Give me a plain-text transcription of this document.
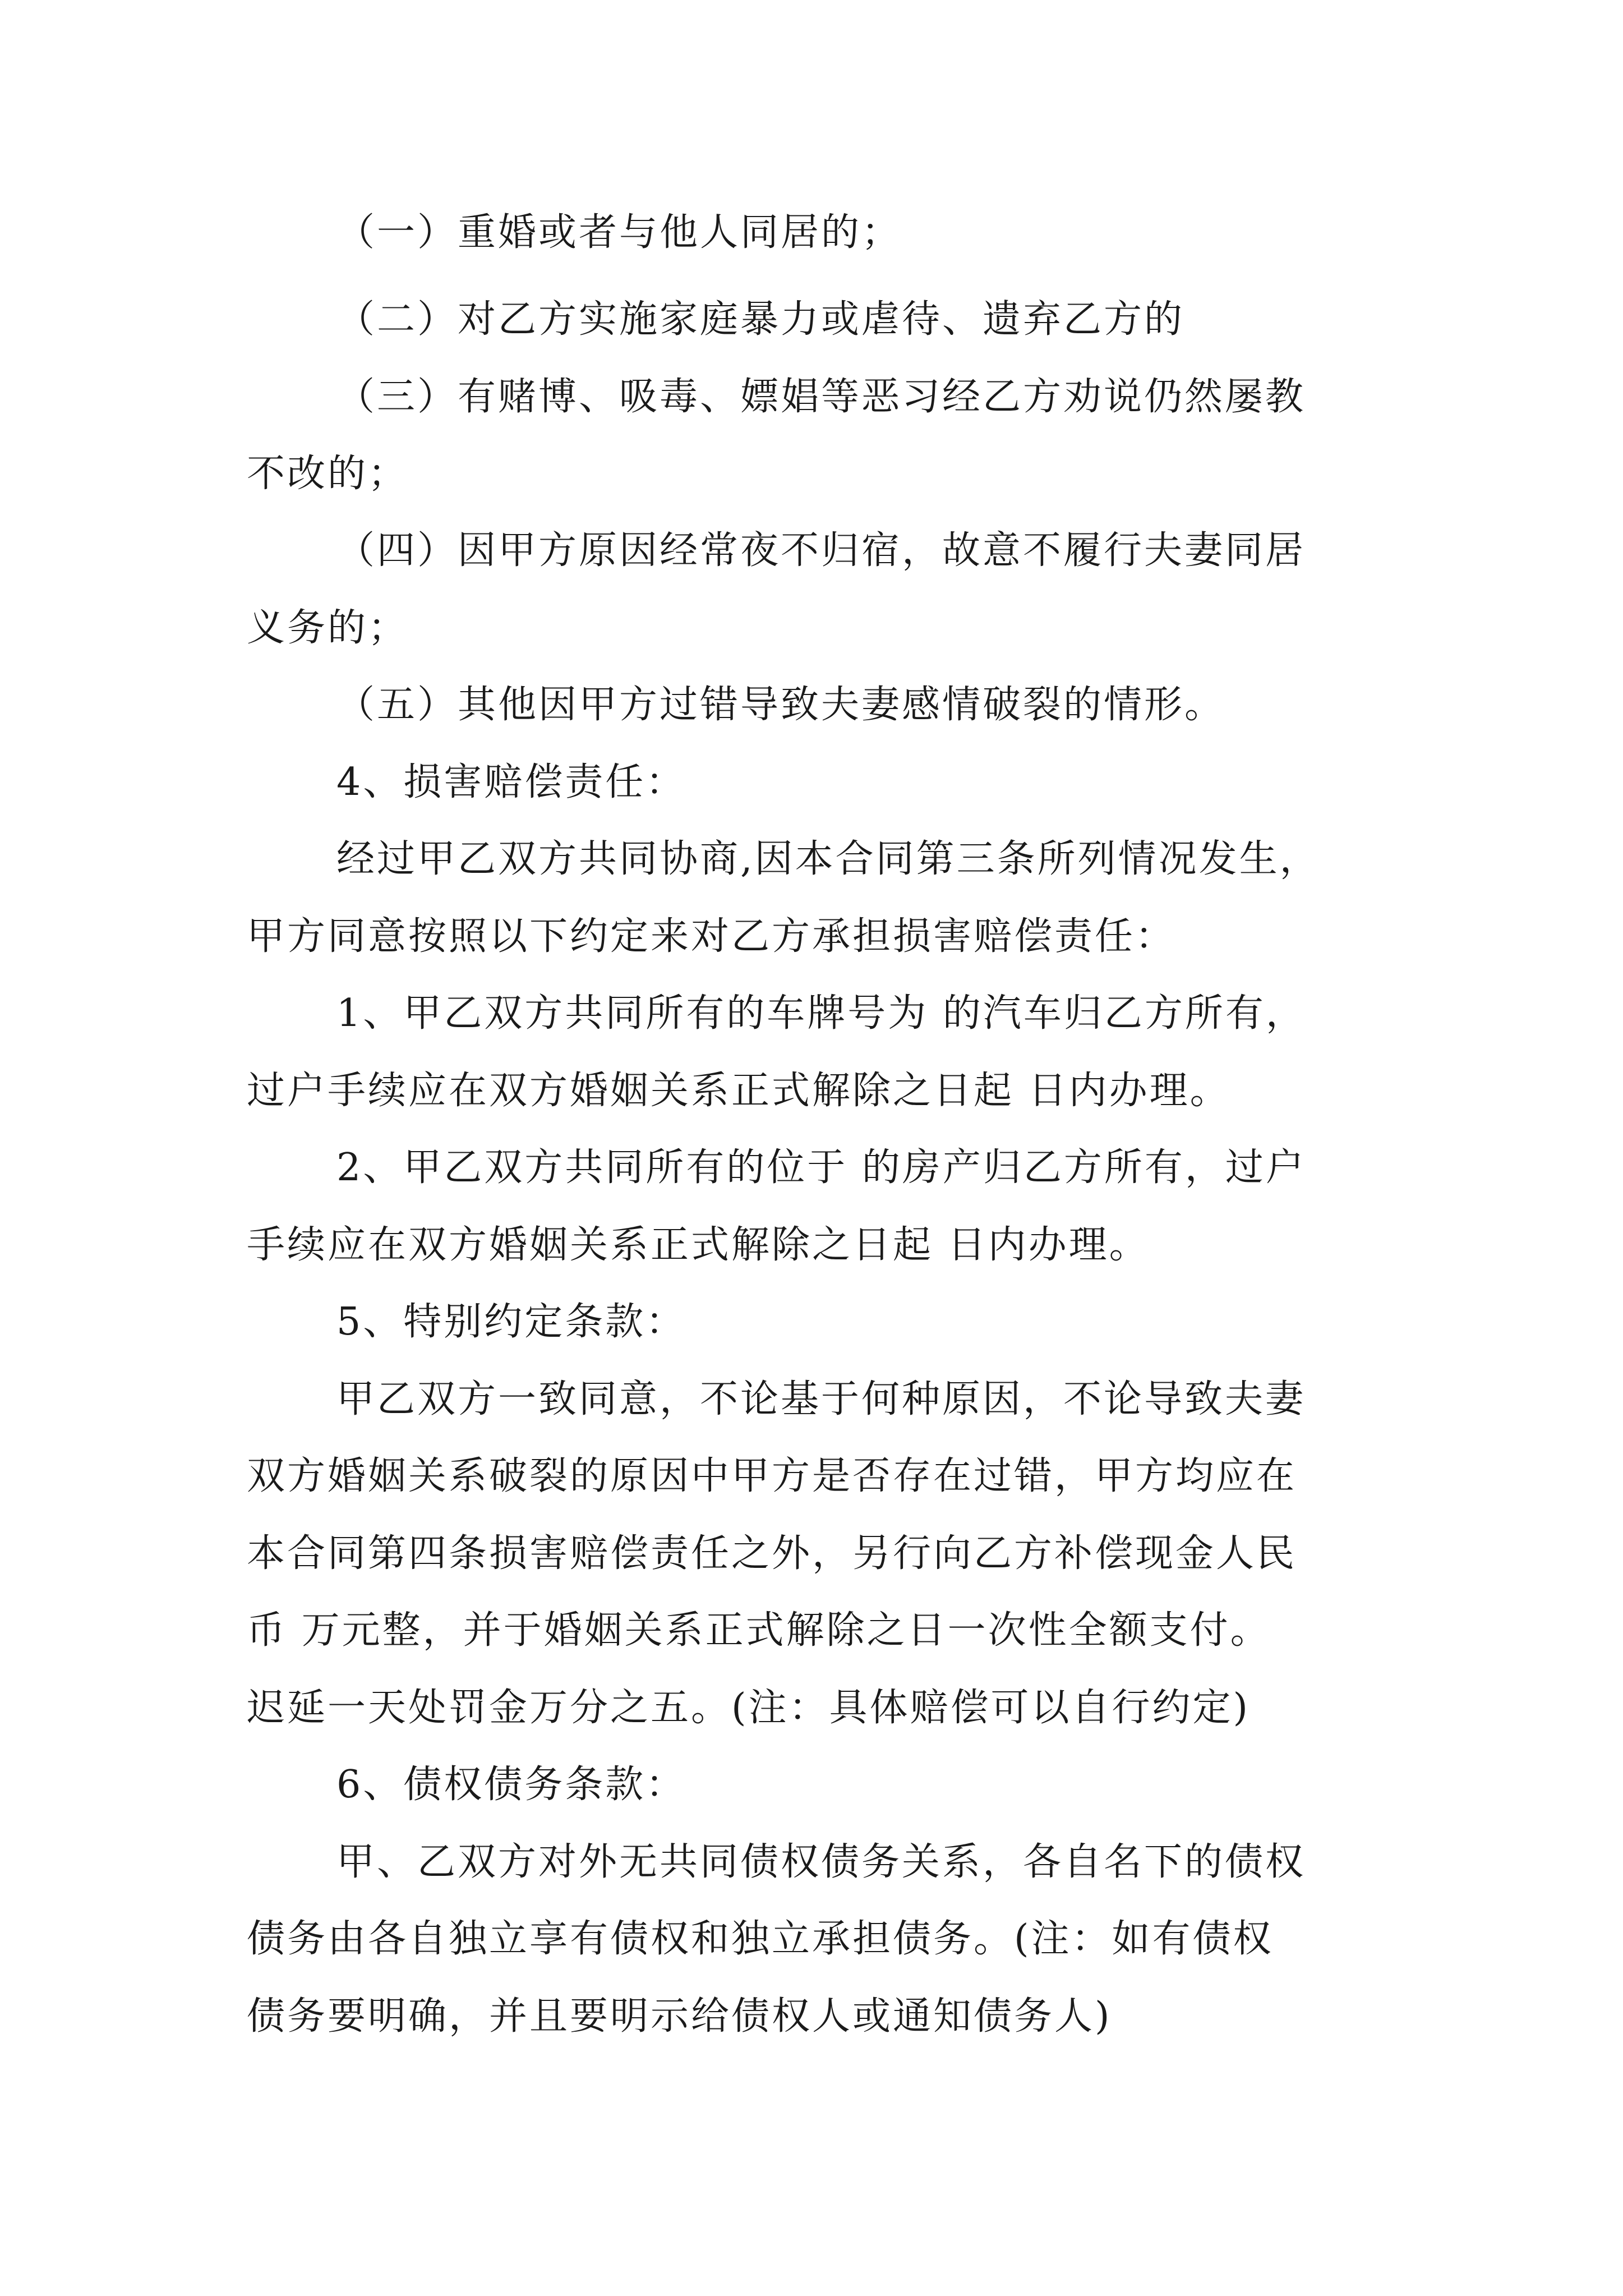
（一）重婚或者与他人同居的；

（二）对乙方实施家庭暴力或虐待、遗弃乙方的

（三）有赌博、吸毒、嫖娼等恶习经乙方劝说仍然屡教

不改的；

（四）因甲方原因经常夜不归宿，故意不履行夫妻同居

义务的；

（五）其他因甲方过错导致夫妻感情破裂的情形。

4、损害赔偿责任：

经过甲乙双方共同协商,因本合同第三条所列情况发生，

甲方同意按照以下约定来对乙方承担损害赔偿责任：

1、甲乙双方共同所有的车牌号为 的汽车归乙方所有，

过户手续应在双方婚姻关系正式解除之日起 日内办理。

2、甲乙双方共同所有的位于 的房产归乙方所有，过户

手续应在双方婚姻关系正式解除之日起 日内办理。

5、特别约定条款：

甲乙双方一致同意，不论基于何种原因，不论导致夫妻

双方婚姻关系破裂的原因中甲方是否存在过错，甲方均应在

本合同第四条损害赔偿责任之外，另行向乙方补偿现金人民

币 万元整，并于婚姻关系正式解除之日一次性全额支付。

迟延一天处罚金万分之五。(注：具体赔偿可以自行约定)

6、债权债务条款：

甲、乙双方对外无共同债权债务关系，各自名下的债权

债务由各自独立享有债权和独立承担债务。(注：如有债权

债务要明确，并且要明示给债权人或通知债务人)
